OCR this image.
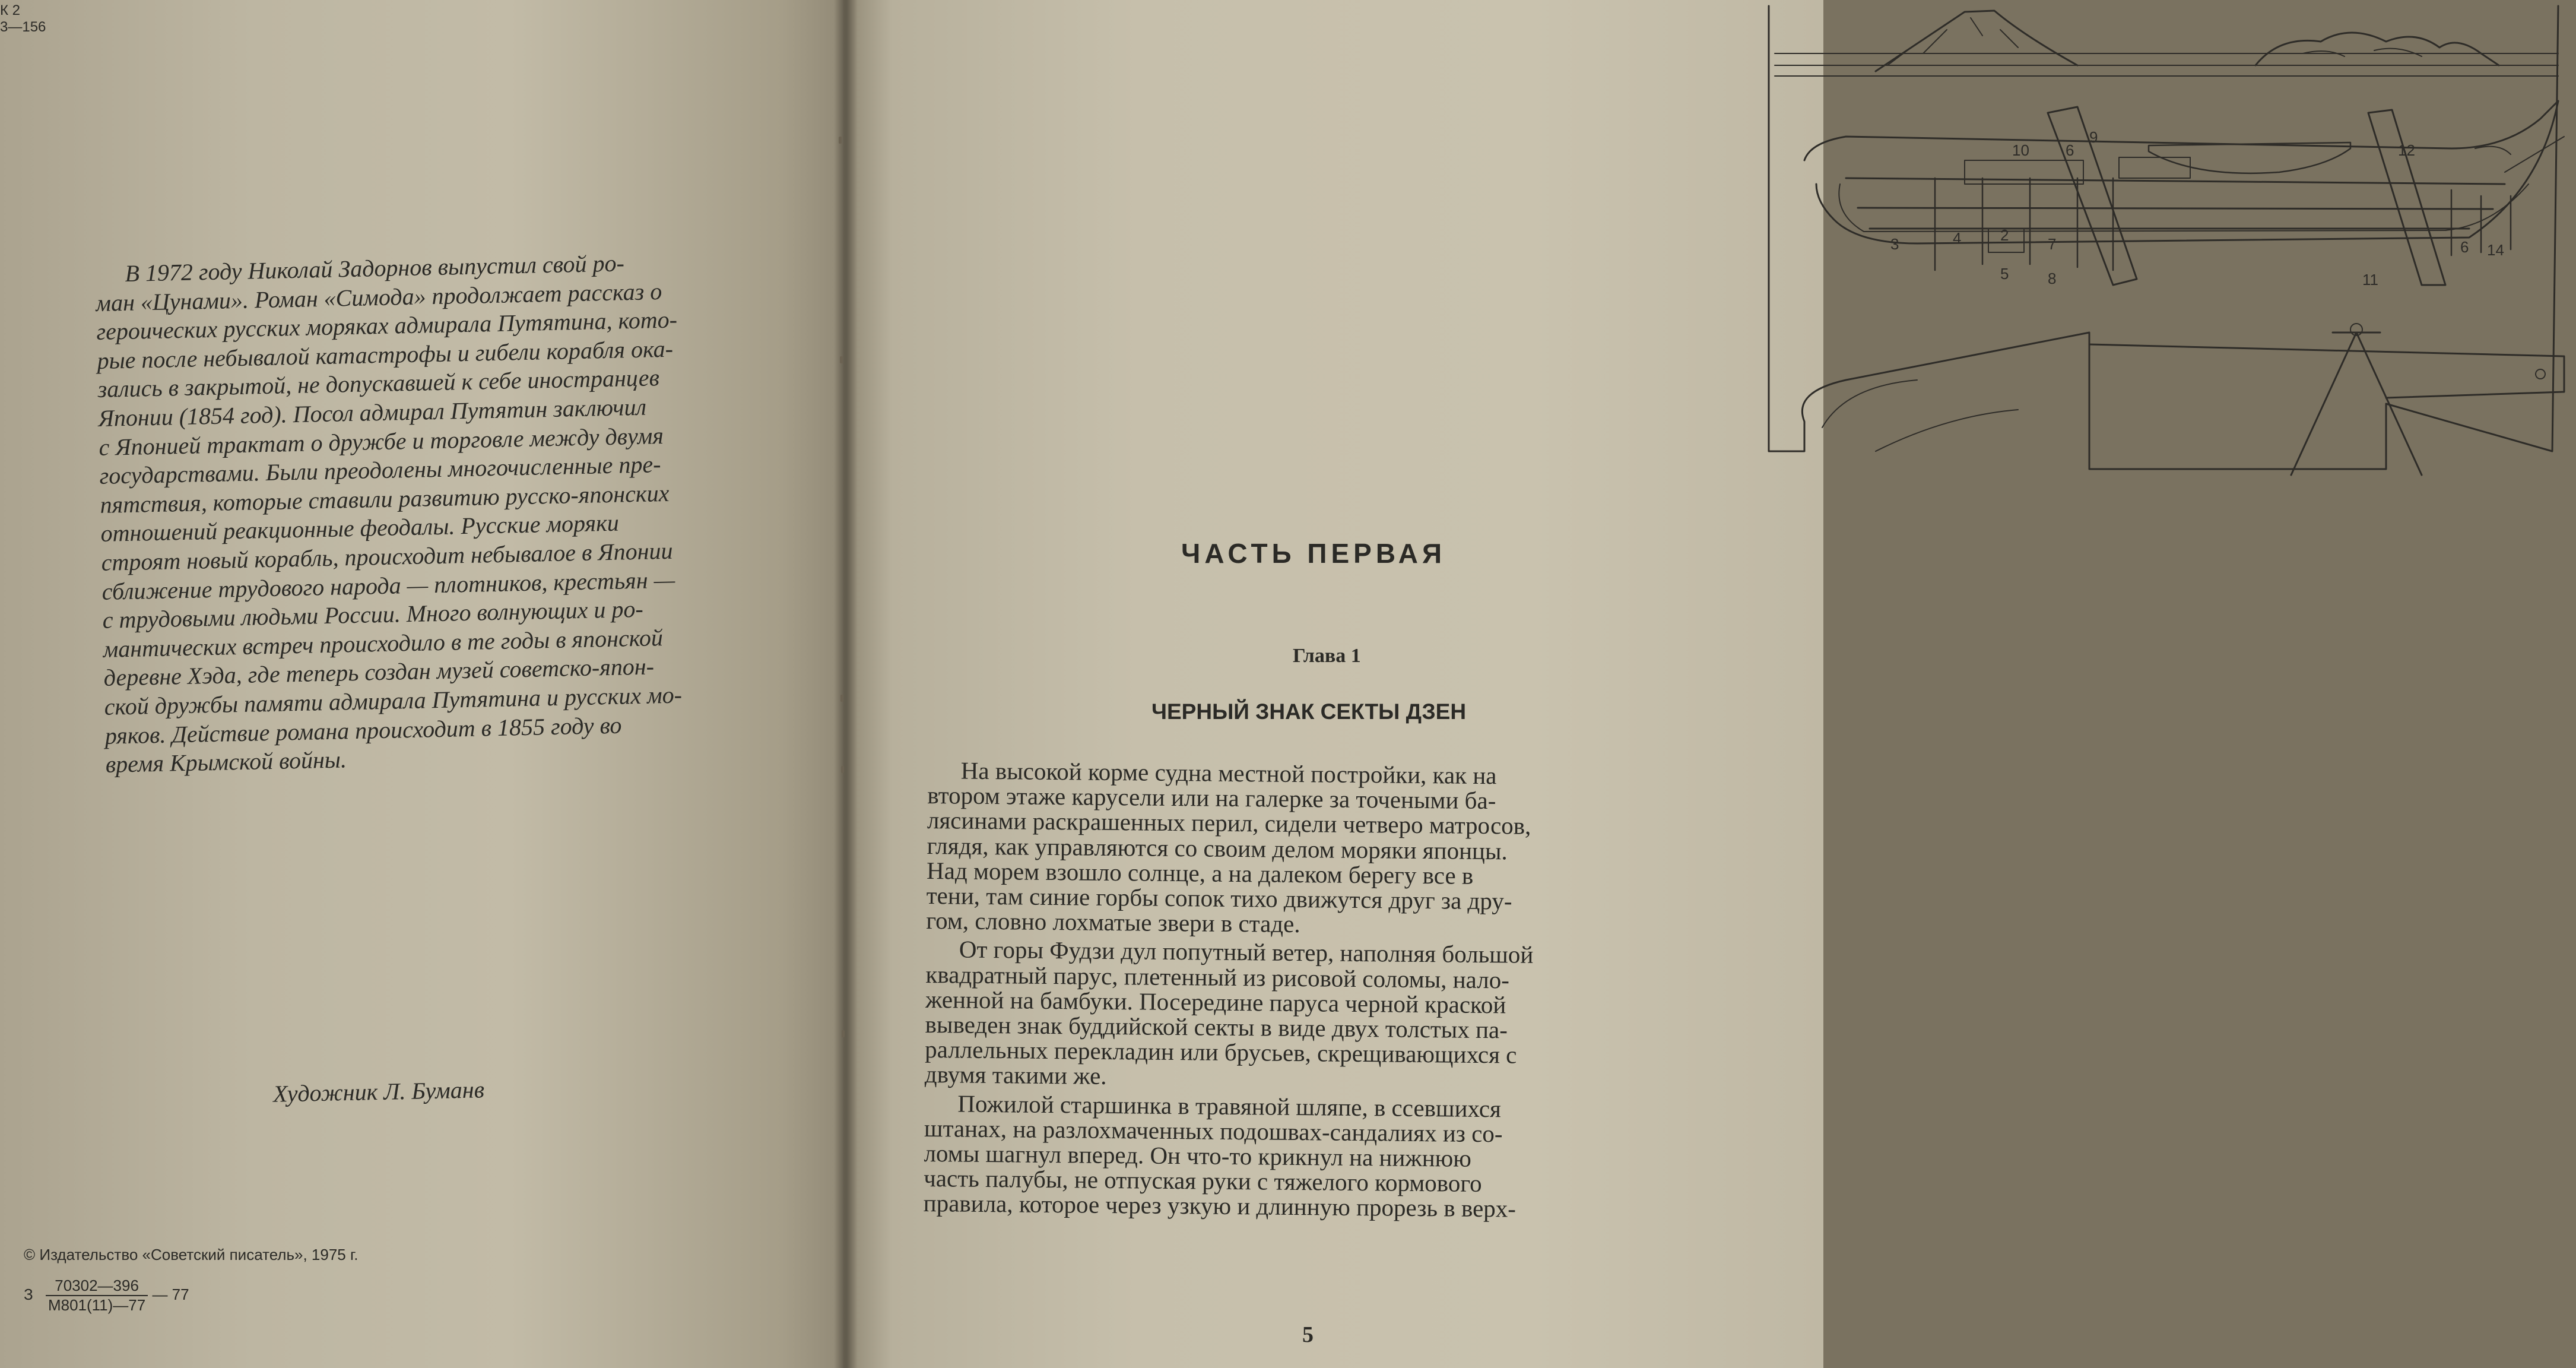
К 2
3—156
В 1972 году Николай Задорнов выпустил свой ро-
ман «Цунами». Роман «Симода» продолжает рассказ о
героических русских моряках адмирала Путятина, кото-
рые после небывалой катастрофы и гибели корабля ока-
зались в закрытой, не допускавшей к себе иностранцев
Японии (1854 год). Посол адмирал Путятин заключил
с Японией трактат о дружбе и торговле между двумя
государствами. Были преодолены многочисленные пре-
пятствия, которые ставили развитию русско-японских
отношений реакционные феодалы. Русские моряки
строят новый корабль, происходит небывалое в Японии
сближение трудового народа — плотников, крестьян —
с трудовыми людьми России. Много волнующих и ро-
мантических встреч происходило в те годы в японской
деревне Хэда, где теперь создан музей советско-япон-
ской дружбы памяти адмирала Путятина и русских мо-
ряков. Действие романа происходит в 1855 году во
время Крымской войны.
Художник Л. Буманв
© Издательство «Советский писатель», 1975 г.
З $\frac{70302—396}{М801(11)—77}$ — 77
10 6
9
12
3	4	2	7
5	8	11
6 14
ЧАСТЬ ПЕРВАЯ
Глава 1
ЧЕРНЫЙ ЗНАК СЕКТЫ ДЗЕН
На высокой корме судна местной постройки, как на
втором этаже карусели или на галерке за точеными ба-
лясинами раскрашенных перил, сидели четверо матросов,
глядя, как управляются со своим делом моряки японцы.
Над морем взошло солнце, а на далеком берегу все в
тени, там синие горбы сопок тихо движутся друг за дру-
гом, словно лохматые звери в стаде.
От горы Фудзи дул попутный ветер, наполняя большой
квадратный парус, плетенный из рисовой соломы, нало-
женной на бамбуки. Посередине паруса черной краской
выведен знак буддийской секты в виде двух толстых па-
раллельных перекладин или брусьев, скрещивающихся с
двумя такими же.
Пожилой старшинка в травяной шляпе, в ссевшихся
штанах, на разлохмаченных подошвах-сандалиях из со-
ломы шагнул вперед. Он что-то крикнул на нижнюю
часть палубы, не отпуская руки с тяжелого кормового
правила, которое через узкую и длинную прорезь в верх-
5
